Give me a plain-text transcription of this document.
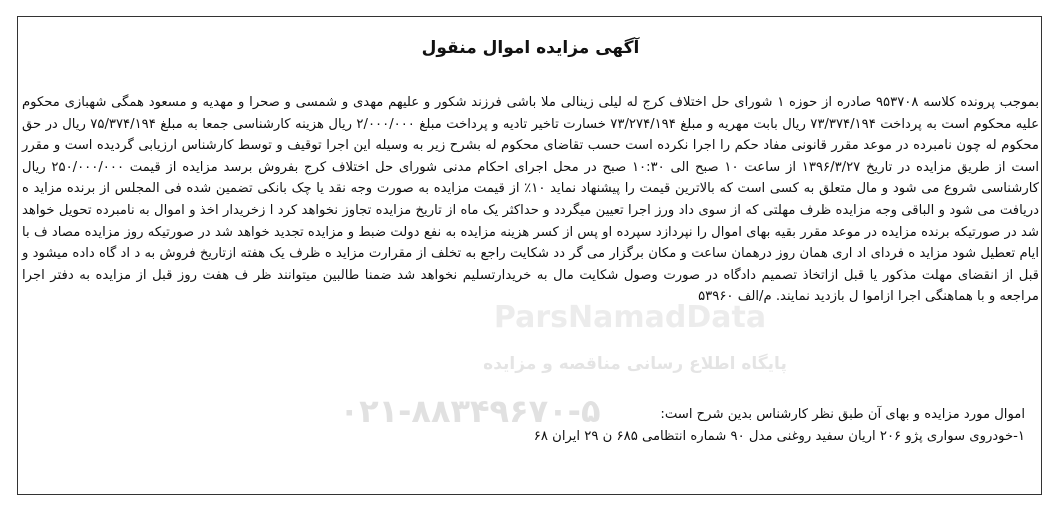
ParsNamadData
پایگاه اطلاع رسانی مناقصه و مزایده
۰۲۱-۸۸۳۴۹۶۷۰-۵
آگهی مزایده اموال منقول

بموجب پرونده کلاسه ۹۵۳۷۰۸ صادره از حوزه ۱ شورای حل اختلاف کرج له لیلی زینالی ملا باشی فرزند شکور و علیهم مهدی و شمسی و صحرا و مهدیه و مسعود همگی شهبازی محکوم علیه محکوم است به پرداخت ۷۳/۳۷۴/۱۹۴ ریال بابت مهریه و مبلغ ۷۳/۲۷۴/۱۹۴ خسارت تاخیر تادیه و پرداخت مبلغ ۲/۰۰۰/۰۰۰ ریال هزینه کارشناسی جمعا به مبلغ ۷۵/۳۷۴/۱۹۴ ریال در حق محکوم له چون نامبرده در موعد مقرر قانونی مفاد حکم را اجرا نکرده است حسب تقاضای محکوم له بشرح زیر به وسیله این اجرا توقیف و توسط کارشناس ارزیابی گردیده است و مقرر است از طریق مزایده در تاریخ ۱۳۹۶/۳/۲۷ از ساعت ۱۰ صبح الی ۱۰:۳۰ صبح در محل اجرای احکام مدنی شورای حل اختلاف کرج بفروش برسد مزایده از قیمت ۲۵۰/۰۰۰/۰۰۰ ریال کارشناسی شروع می شود و مال متعلق به کسی است که بالاترین قیمت را پیشنهاد نماید ۱۰٪ از قیمت مزایده به صورت وجه نقد یا چک بانکی تضمین شده فی المجلس از برنده مزاید ه دریافت می شود و الباقی وجه مزایده ظرف مهلتی که از سوی داد ورز اجرا تعیین میگردد و حداکثر یک ماه از تاریخ مزایده تجاوز نخواهد کرد ا زخریدار اخذ و اموال به نامبرده تحویل خواهد شد در صورتیکه برنده مزایده در موعد مقرر بقیه بهای اموال را نپردازد سپرده او پس از کسر هزینه مزایده به نفع دولت ضبط و مزایده تجدید خواهد شد در صورتیکه روز مزایده مصاد ف با ایام تعطیل شود مزاید ه فردای اد اری همان روز درهمان ساعت و مکان برگزار می گر دد شکایت راجع به تخلف از مقرارت مزاید ه ظرف یک هفته ازتاریخ فروش به د اد گاه داده میشود و قبل از انقضای مهلت مذکور یا قبل ازاتخاذ تصمیم دادگاه در صورت وصول شکایت مال به خریدارتسلیم نخواهد شد ضمنا طالبین میتوانند ظر ف هفت روز قبل از مزایده به دفتر اجرا مراجعه و با هماهنگی اجرا ازاموا ل بازدید نمایند. م/الف ۵۳۹۶۰

اموال مورد مزایده و بهای آن طبق نظر کارشناس بدین شرح است:

۱-خودروی سواری پژو ۲۰۶ اریان سفید روغنی مدل ۹۰ شماره انتظامی ۶۸۵ ن ۲۹ ایران ۶۸
